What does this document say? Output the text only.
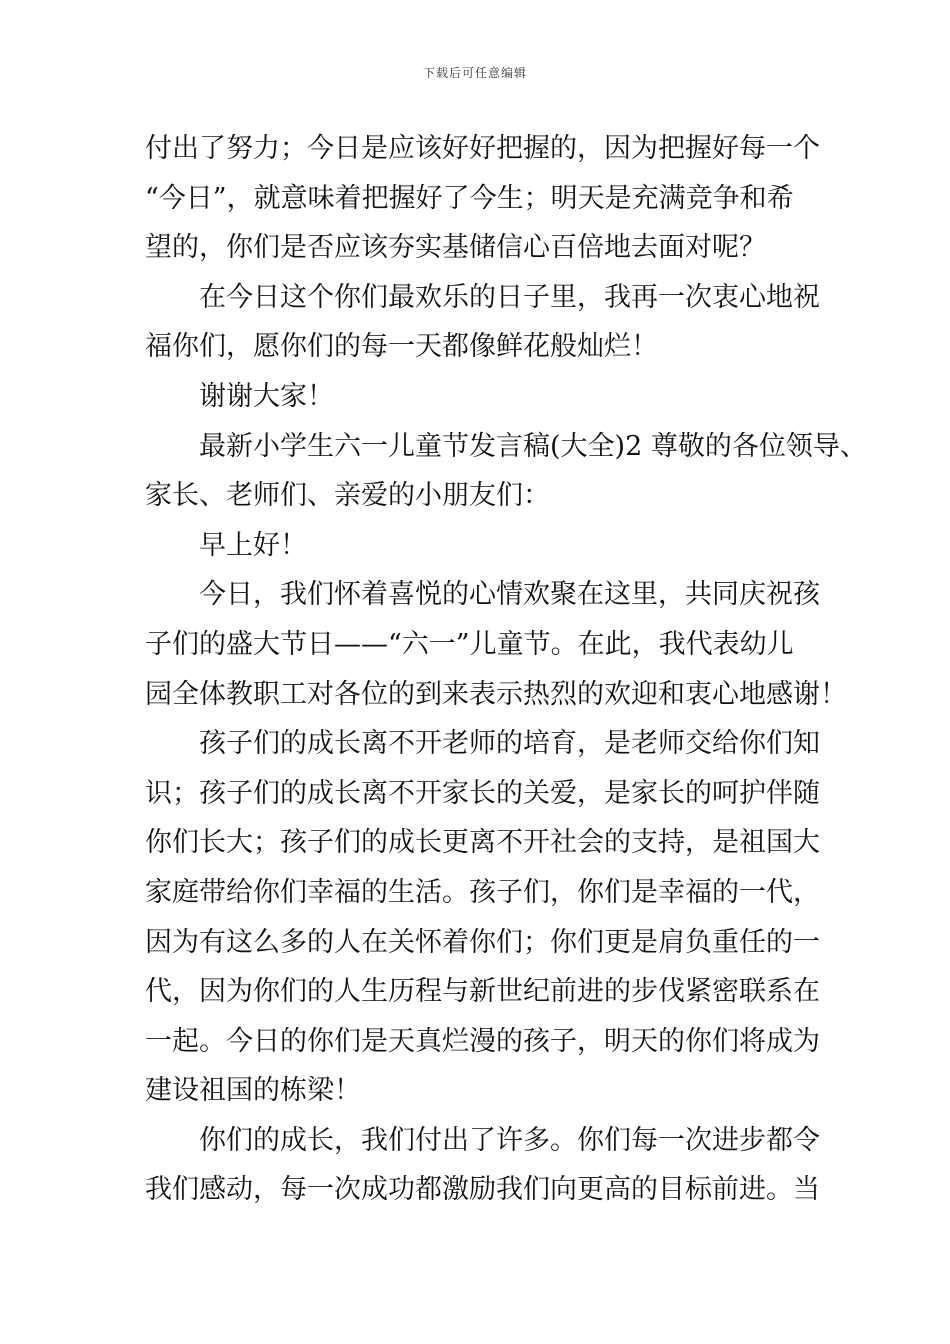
下载后可任意编辑
付出了努力；今日是应该好好把握的，因为把握好每一个
“今日”，就意味着把握好了今生；明天是充满竞争和希
望的，你们是否应该夯实基储信心百倍地去面对呢？
在今日这个你们最欢乐的日子里，我再一次衷心地祝
福你们，愿你们的每一天都像鲜花般灿烂！
谢谢大家！
最新小学生六一儿童节发言稿(大全)2 尊敬的各位领导、
家长、老师们、亲爱的小朋友们：
早上好！
今日，我们怀着喜悦的心情欢聚在这里，共同庆祝孩
子们的盛大节日——“六一”儿童节。在此，我代表幼儿
园全体教职工对各位的到来表示热烈的欢迎和衷心地感谢！
孩子们的成长离不开老师的培育，是老师交给你们知
识；孩子们的成长离不开家长的关爱，是家长的呵护伴随
你们长大；孩子们的成长更离不开社会的支持，是祖国大
家庭带给你们幸福的生活。孩子们，你们是幸福的一代，
因为有这么多的人在关怀着你们；你们更是肩负重任的一
代，因为你们的人生历程与新世纪前进的步伐紧密联系在
一起。今日的你们是天真烂漫的孩子，明天的你们将成为
建设祖国的栋梁！
你们的成长，我们付出了许多。你们每一次进步都令
我们感动，每一次成功都激励我们向更高的目标前进。当
